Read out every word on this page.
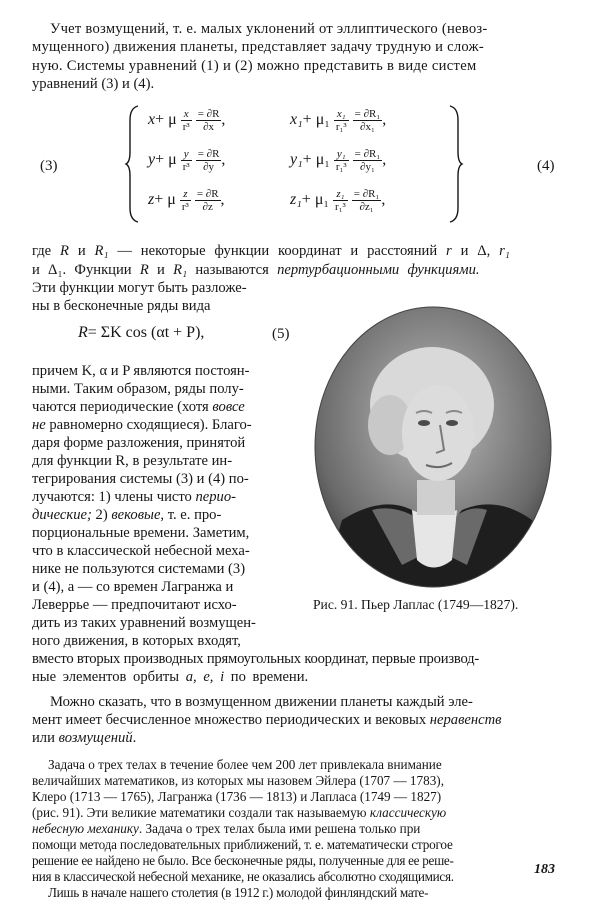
Учет возмущений, т. е. малых уклонений от эллиптического (невоз-
мущенного) движения планеты, представляет задачу трудную и слож-
ную. Системы уравнений (1) и (2) можно представить в виде систем
уравнений (3) и (4).
(3)	(4)
x+ μ $\frac{x}{\text{r³}}$
$\frac{= \partial R}{\partial x}$ ,	$x_1+ \mu_1 \frac{\text{x₁}}{\text{r₁³}}$
$\frac{\text{= ∂R₁}}{\text{∂x₁}}$ ,
y+ μ $\frac{y}{\text{r³}}$
$\frac{= \partial R}{\partial y}$ ,	$y_1+ \mu_1 \frac{\text{y₁}}{\text{r₁³}}$
$\frac{\text{= ∂R₁}}{\text{∂y₁}}$ ,
z+ μ $\frac{z}{\text{r³}}$
$\frac{= \partial R}{\partial z}$ ,	$z_1+ \mu_1 \frac{\text{z₁}}{\text{r₁³}}$
$\frac{\text{= ∂R₁}}{\text{∂z₁}}$ ,
где R и R₁ — некоторые функции координат и расстояний r и Δ, r₁
и Δ₁. Функции R и R₁ называются пертурбационными функциями.
Эти функции могут быть разложе-
ны в бесконечные ряды вида
R= ΣK cos (αt + P),	(5)
причем K, α и P являются постоян-
ными. Таким образом, ряды полу-
чаются периодические (хотя вовсе
не равномерно сходящиеся). Благо-
даря форме разложения, принятой
для функции R, в результате ин-
тегрирования системы (3) и (4) по-
лучаются: 1) члены чисто перио-
дические; 2) вековые, т. е. про-
порциональные времени. Заметим,
что в классической небесной меха-
нике не пользуются системами (3)
и (4), а — со времен Лагранжа и
Леверрье — предпочитают исхо-
дить из таких уравнений возмущен-
ного движения, в которых входят,
вместо вторых производных прямоугольных координат, первые производ-
ные элементов орбиты a, e, i по времени.
Можно сказать, что в возмущенном движении планеты каждый эле-
мент имеет бесчисленное множество периодических и вековых неравенств
или возмущений.
Задача о трех телах в течение более чем 200 лет привлекала внимание
величайших математиков, из которых мы назовем Эйлера (1707 — 1783),
Клеро (1713 — 1765), Лагранжа (1736 — 1813) и Лапласа (1749 — 1827)
(рис. 91). Эти великие математики создали так называемую классическую
небесную механику. Задача о трех телах была ими решена только при
помощи метода последовательных приближений, т. е. математически строгое
решение ее найдено не было. Все бесконечные ряды, полученные для ее реше-
ния в классической небесной механике, не оказались абсолютно сходящимися.
Лишь в начале нашего столетия (в 1912 г.) молодой финляндский мате-
Рис. 91. Пьер Лаплас (1749—1827).
183
